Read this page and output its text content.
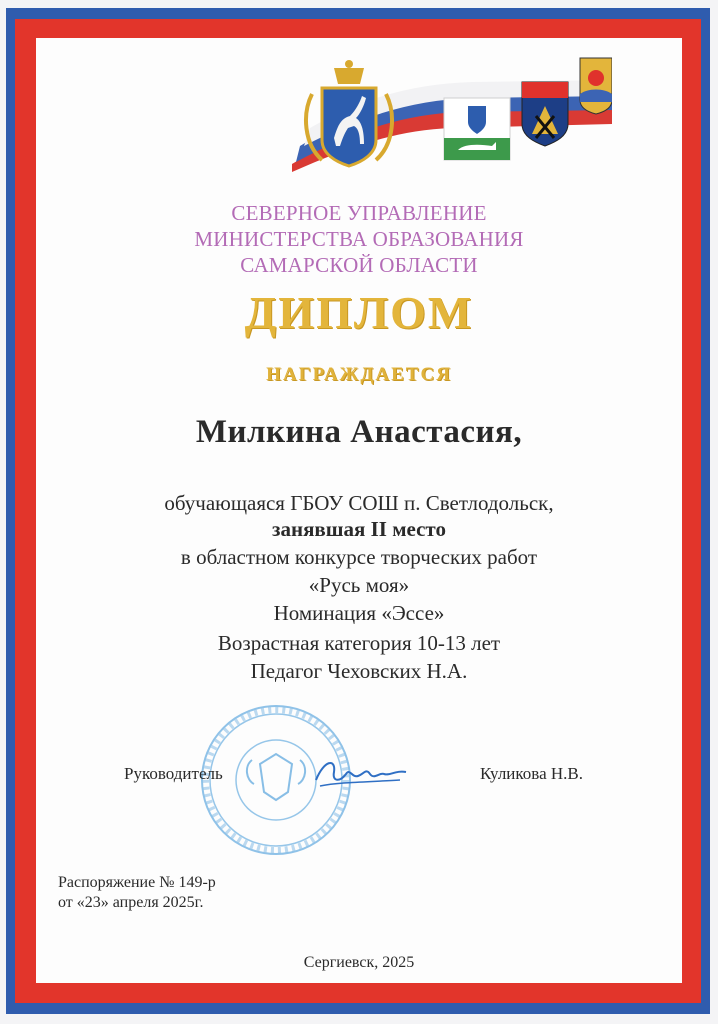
СЕВЕРНОЕ УПРАВЛЕНИЕ
МИНИСТЕРСТВА ОБРАЗОВАНИЯ
САМАРСКОЙ ОБЛАСТИ
ДИПЛОМ
НАГРАЖДАЕТСЯ
Милкина Анастасия,
обучающаяся ГБОУ СОШ п. Светлодольск,
занявшая II место
в областном конкурсе творческих работ
«Русь моя»
Номинация «Эссе»
Возрастная категория 10-13 лет
Педагог Чеховских Н.А.
Руководитель	Куликова Н.В.
Распоряжение № 149-р
от «23» апреля 2025г.
Сергиевск, 2025
